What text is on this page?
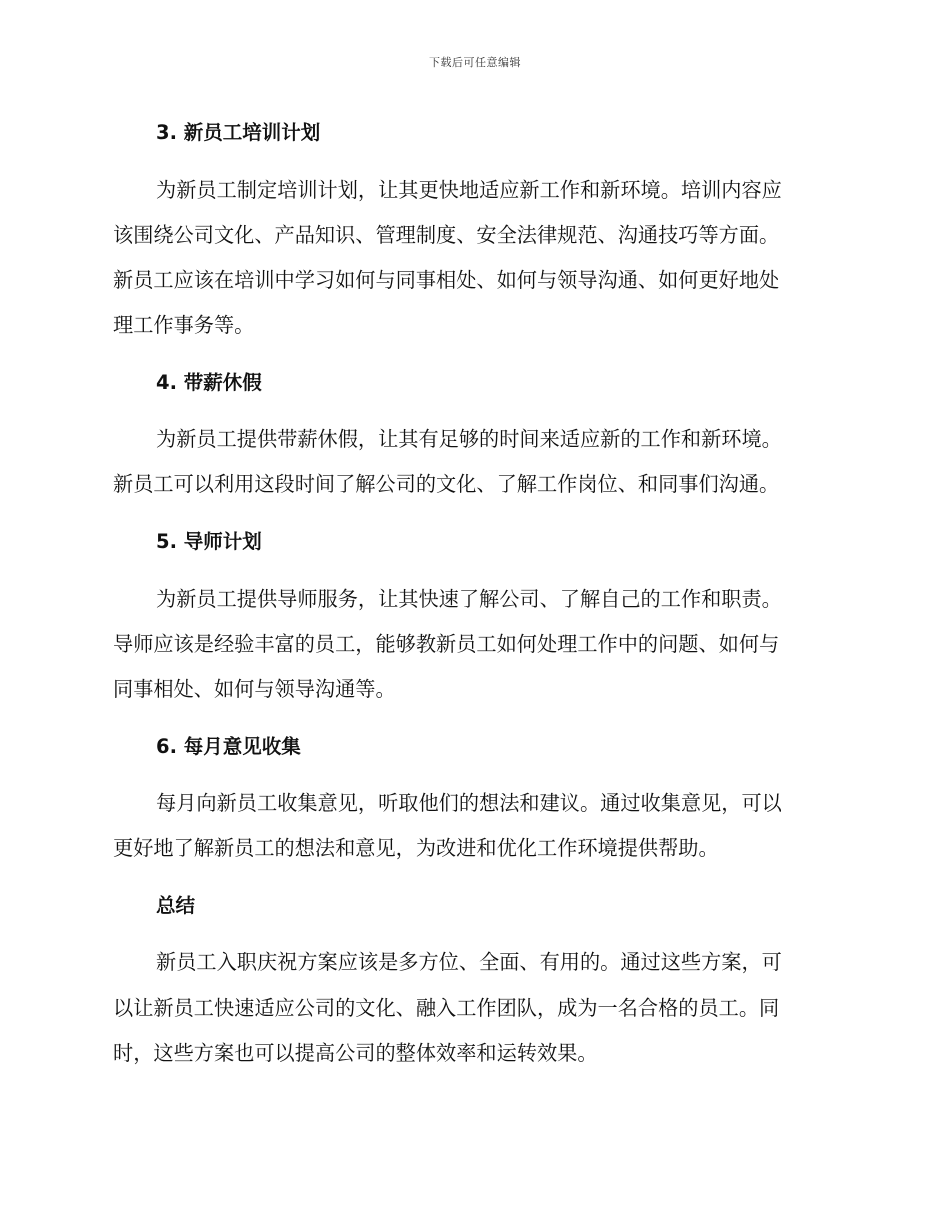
下载后可任意编辑
3. 新员工培训计划
为新员工制定培训计划，让其更快地适应新工作和新环境。培训内容应
该围绕公司文化、产品知识、管理制度、安全法律规范、沟通技巧等方面。
新员工应该在培训中学习如何与同事相处、如何与领导沟通、如何更好地处
理工作事务等。
4. 带薪休假
为新员工提供带薪休假，让其有足够的时间来适应新的工作和新环境。
新员工可以利用这段时间了解公司的文化、了解工作岗位、和同事们沟通。
5. 导师计划
为新员工提供导师服务，让其快速了解公司、了解自己的工作和职责。
导师应该是经验丰富的员工，能够教新员工如何处理工作中的问题、如何与
同事相处、如何与领导沟通等。
6. 每月意见收集
每月向新员工收集意见，听取他们的想法和建议。通过收集意见，可以
更好地了解新员工的想法和意见，为改进和优化工作环境提供帮助。
总结
新员工入职庆祝方案应该是多方位、全面、有用的。通过这些方案，可
以让新员工快速适应公司的文化、融入工作团队，成为一名合格的员工。同
时，这些方案也可以提高公司的整体效率和运转效果。
